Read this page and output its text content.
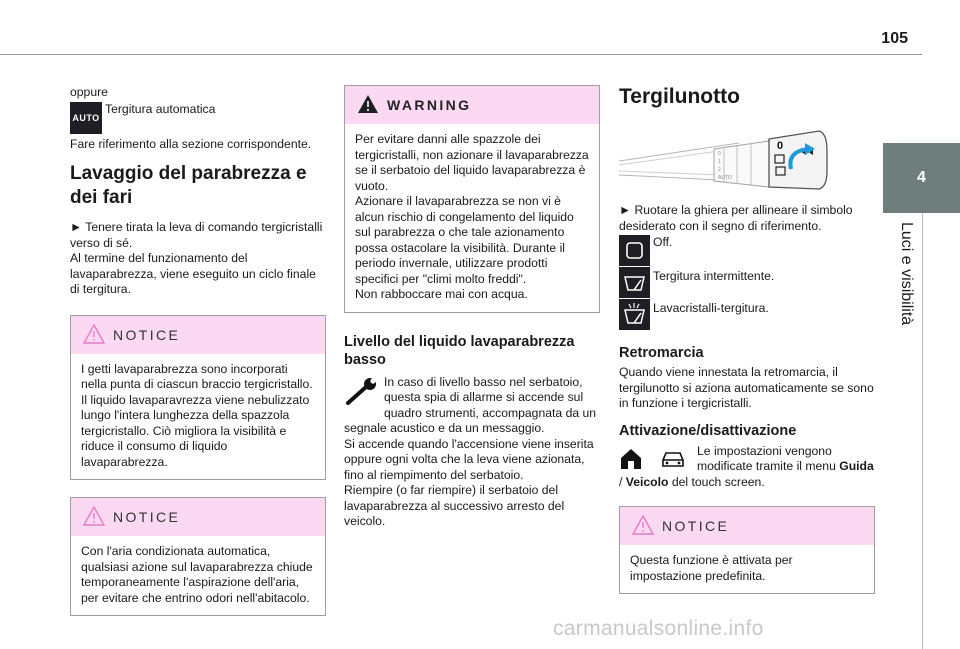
105
4
Luci e visibilità

oppure

AUTO

Tergitura automatica

Fare riferimento alla sezione corrispondente.

Lavaggio del parabrezza e dei fari

► Tenere tirata la leva di comando tergicristalli verso di sé.

Al termine del funzionamento del lavaparabrezza, viene eseguito un ciclo finale di tergitura.

NOTICE

I getti lavaparabrezza sono incorporati nella punta di ciascun braccio tergicristallo.

Il liquido lavaparavrezza viene nebulizzato lungo l'intera lunghezza della spazzola tergicristallo. Ciò migliora la visibilità e riduce il consumo di liquido lavaparabrezza.

NOTICE

Con l'aria condizionata automatica, qualsiasi azione sul lavaparabrezza chiude temporaneamente l'aspirazione dell'aria, per evitare che entrino odori nell'abitacolo.

WARNING

Per evitare danni alle spazzole dei tergicristalli, non azionare il lavaparabrezza se il serbatoio del liquido lavaparabrezza è vuoto.

Azionare il lavaparabrezza se non vi è alcun rischio di congelamento del liquido sul parabrezza o che tale azionamento possa ostacolare la visibilità. Durante il periodo invernale, utilizzare prodotti specifici per "climi molto freddi".

Non rabboccare mai con acqua.

Livello del liquido lavaparabrezza basso

In caso di livello basso nel serbatoio, questa spia di allarme si accende sul quadro strumenti, accompagnata da un segnale acustico e da un messaggio.

Si accende quando l'accensione viene inserita oppure ogni volta che la leva viene azionata, fino al riempimento del serbatoio.

Riempire (o far riempire) il serbatoio del lavaparabrezza al successivo arresto del veicolo.

Tergilunotto

0
1
2
AUTO
0

► Ruotare la ghiera per allineare il simbolo desiderato con il segno di riferimento.

Off.

Tergitura intermittente.

Lavacristalli-tergitura.

Retromarcia

Quando viene innestata la retromarcia, il tergilunotto si aziona automaticamente se sono in funzione i tergicristalli.

Attivazione/disattivazione

Le impostazioni vengono modificate tramite il menu Guida / Veicolo del touch screen.

NOTICE

Questa funzione è attivata per impostazione predefinita.

carmanualsonline.info
